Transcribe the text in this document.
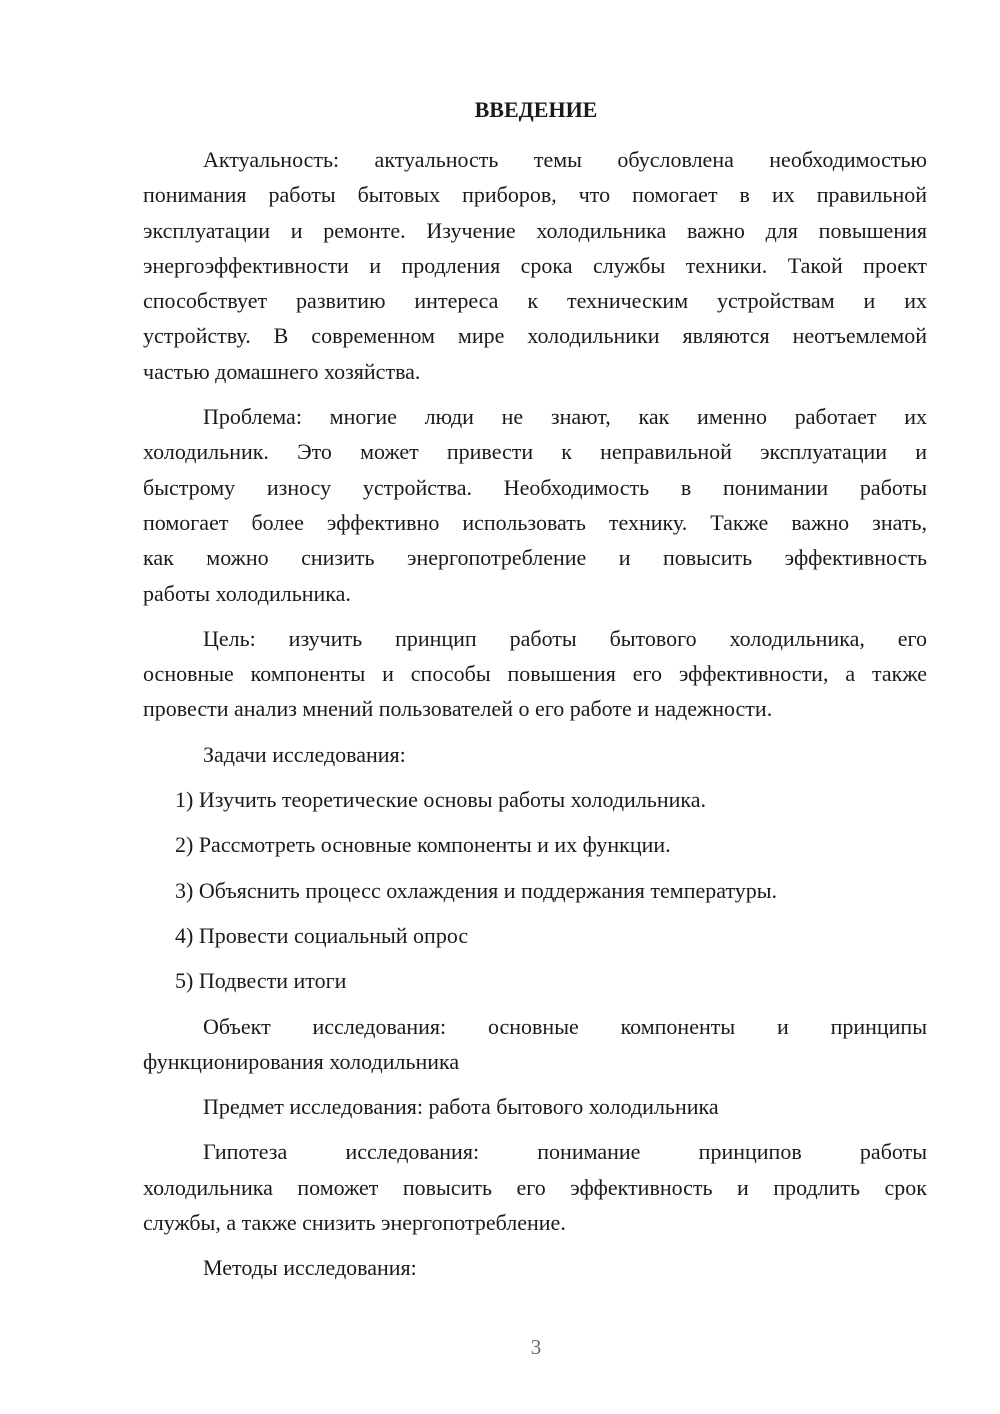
ВВЕДЕНИЕ
Актуальность: актуальность темы обусловлена необходимостью
понимания работы бытовых приборов, что помогает в их правильной
эксплуатации и ремонте. Изучение холодильника важно для повышения
энергоэффективности и продления срока службы техники. Такой проект
способствует развитию интереса к техническим устройствам и их
устройству. В современном мире холодильники являются неотъемлемой
частью домашнего хозяйства.
Проблема: многие люди не знают, как именно работает их
холодильник. Это может привести к неправильной эксплуатации и
быстрому износу устройства. Необходимость в понимании работы
помогает более эффективно использовать технику. Также важно знать,
как можно снизить энергопотребление и повысить эффективность
работы холодильника.
Цель: изучить принцип работы бытового холодильника, его
основные компоненты и способы повышения его эффективности, а также
провести анализ мнений пользователей о его работе и надежности.
Задачи исследования:
1) Изучить теоретические основы работы холодильника.
2) Рассмотреть основные компоненты и их функции.
3) Объяснить процесс охлаждения и поддержания температуры.
4) Провести социальный опрос
5) Подвести итоги
Объект исследования: основные компоненты и принципы
функционирования холодильника
Предмет исследования: работа бытового холодильника
Гипотеза исследования: понимание принципов работы
холодильника поможет повысить его эффективность и продлить срок
службы, а также снизить энергопотребление.
Методы исследования:
3
